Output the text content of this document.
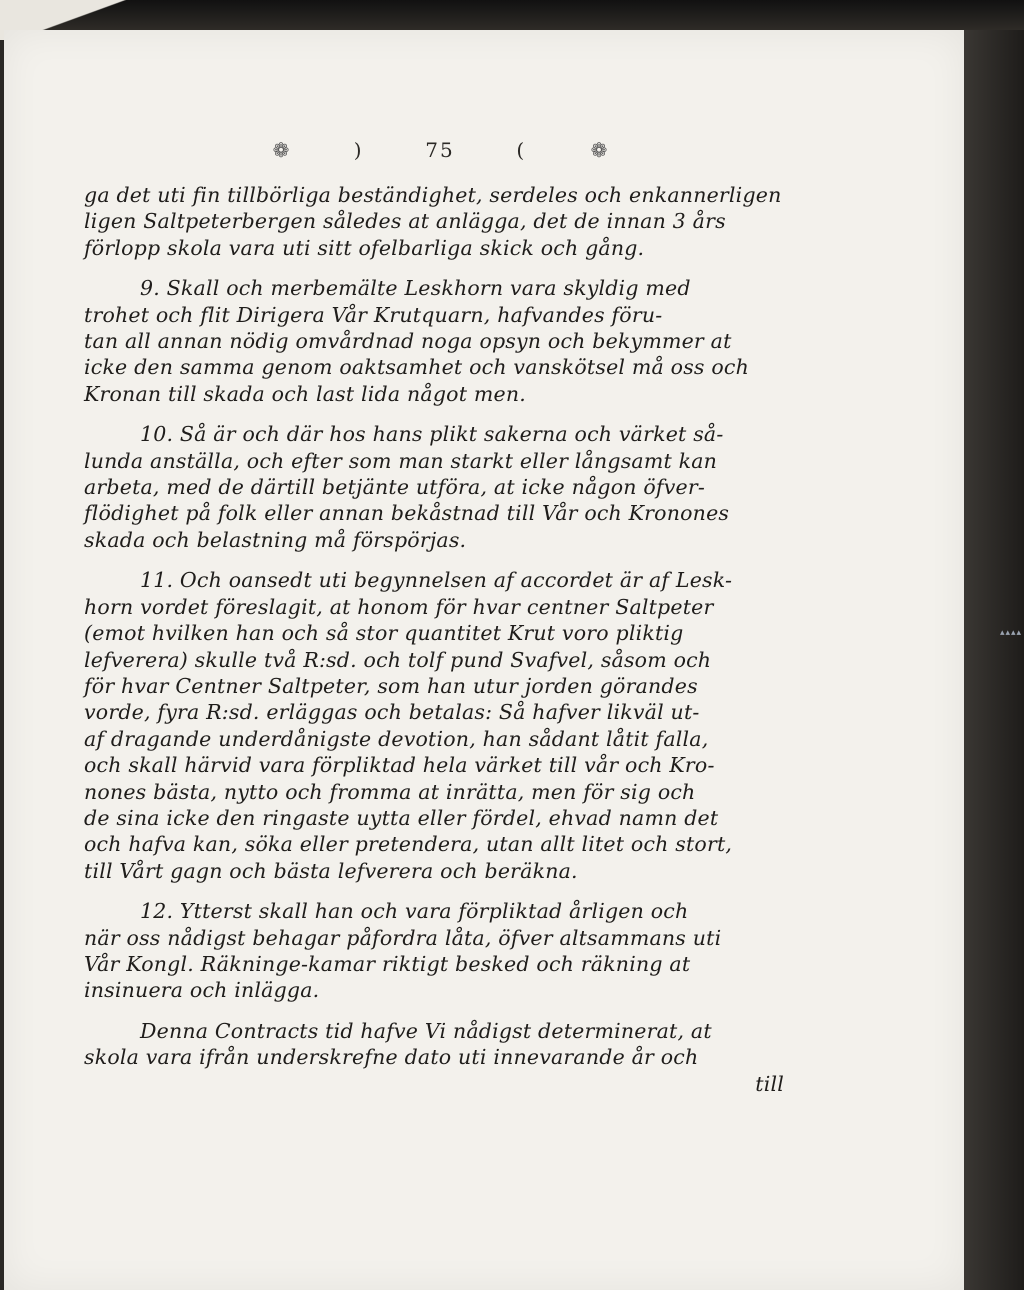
❁	)	75	(	❁

ga det uti fin tillbörliga beständighet, serdeles och enkannerligen
ligen Saltpeterbergen således at anlägga, det de innan 3 års
förlopp skola vara uti sitt ofelbarliga skick och gång.

9. Skall och merbemälte Leskhorn vara skyldig med
trohet och flit Dirigera Vår Krutquarn, hafvandes föru-
tan all annan nödig omvårdnad noga opsyn och bekymmer at
icke den samma genom oaktsamhet och vanskötsel må oss och
Kronan till skada och last lida något men.

10. Så är och där hos hans plikt sakerna och värket så-
lunda anställa, och efter som man starkt eller långsamt kan
arbeta, med de därtill betjänte utföra, at icke någon öfver-
flödighet på folk eller annan bekåstnad till Vår och Kronones
skada och belastning må förspörjas.

11. Och oansedt uti begynnelsen af accordet är af Lesk-
horn vordet föreslagit, at honom för hvar centner Saltpeter
(emot hvilken han och så stor quantitet Krut voro pliktig
lefverera) skulle två R:sd. och tolf pund Svafvel, såsom och
för hvar Centner Saltpeter, som han utur jorden görandes
vorde, fyra R:sd. erläggas och betalas: Så hafver likväl ut-
af dragande underdånigste devotion, han sådant låtit falla,
och skall härvid vara förpliktad hela värket till vår och Kro-
nones bästa, nytto och fromma at inrätta, men för sig och
de sina icke den ringaste uytta eller fördel, ehvad namn det
och hafva kan, söka eller pretendera, utan allt litet och stort,
till Vårt gagn och bästa lefverera och beräkna.

12. Ytterst skall han och vara förpliktad årligen och
när oss nådigst behagar påfordra låta, öfver altsammans uti
Vår Kongl. Räkninge-kamar riktigt besked och räkning at
insinuera och inlägga.

Denna Contracts tid hafve Vi nådigst determinerat, at
skola vara ifrån underskrefne dato uti innevarande år och

till
▴▴▴▴
